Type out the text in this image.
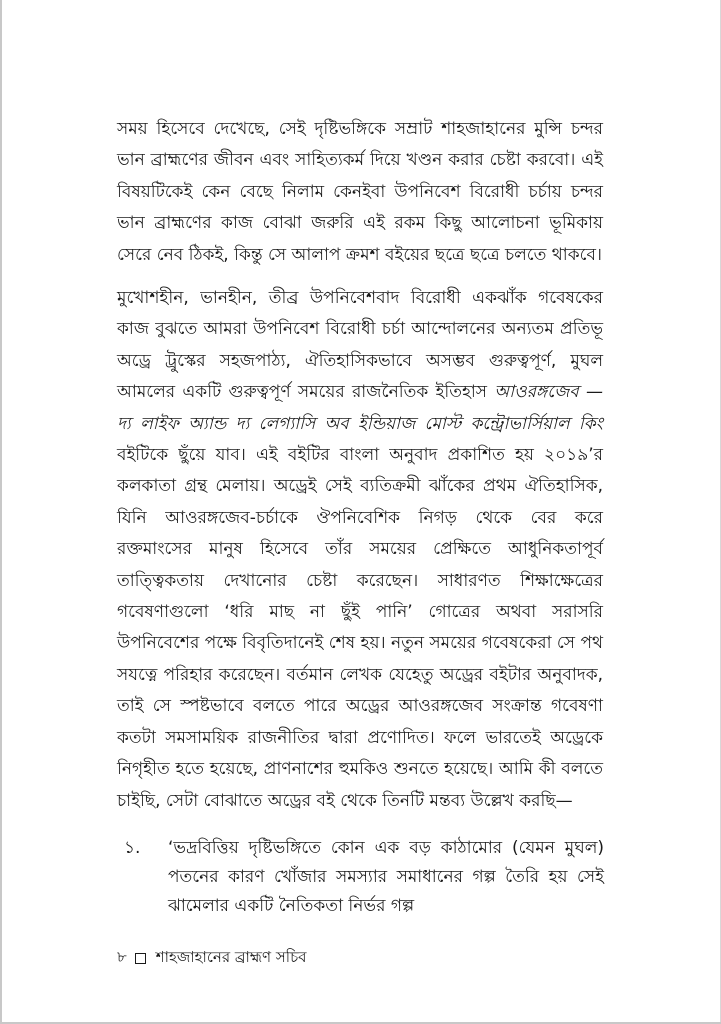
সময় হিসেবে দেখেছে, সেই দৃষ্টিভঙ্গিকে সম্রাট শাহজাহানের মুন্সি চন্দর ভান ব্রাহ্মণের জীবন এবং সাহিত্যকর্ম দিয়ে খণ্ডন করার চেষ্টা করবো। এই বিষয়টিকেই কেন বেছে নিলাম কেনইবা উপনিবেশ বিরোধী চর্চায় চন্দর ভান ব্রাহ্মণের কাজ বোঝা জরুরি এই রকম কিছু আলোচনা ভূমিকায় সেরে নেব ঠিকই, কিন্তু সে আলাপ ক্রমশ বইয়ের ছত্রে ছত্রে চলতে থাকবে।

মুখোশহীন, ভানহীন, তীব্র উপনিবেশবাদ বিরোধী একঝাঁক গবেষকের কাজ বুঝতে আমরা উপনিবেশ বিরোধী চর্চা আন্দোলনের অন্যতম প্রতিভূ অড্রে ট্রুস্কের সহজপাঠ্য, ঐতিহাসিকভাবে অসম্ভব গুরুত্বপূর্ণ, মুঘল আমলের একটি গুরুত্বপূর্ণ সময়ের রাজনৈতিক ইতিহাস আওরঙ্গজেব —দ্য লাইফ অ্যান্ড দ্য লেগ্যাসি অব ইন্ডিয়াজ মোস্ট কন্ট্রোভার্সিয়াল কিং বইটিকে ছুঁয়ে যাব। এই বইটির বাংলা অনুবাদ প্রকাশিত হয় ২০১৯’র কলকাতা গ্রন্থ মেলায়। অড্রেই সেই ব্যতিক্রমী ঝাঁকের প্রথম ঐতিহাসিক, যিনি আওরঙ্গজেব-চর্চাকে ঔপনিবেশিক নিগড় থেকে বের করে রক্তমাংসের মানুষ হিসেবে তাঁর সময়ের প্রেক্ষিতে আধুনিকতাপূর্ব তাত্ত্বিকতায় দেখানোর চেষ্টা করেছেন। সাধারণত শিক্ষাক্ষেত্রের গবেষণাগুলো ‘ধরি মাছ না ছুঁই পানি’ গোত্রের অথবা সরাসরি উপনিবেশের পক্ষে বিবৃতিদানেই শেষ হয়। নতুন সময়ের গবেষকেরা সে পথ সযত্নে পরিহার করেছেন। বর্তমান লেখক যেহেতু অড্রের বইটার অনুবাদক, তাই সে স্পষ্টভাবে বলতে পারে অড্রের আওরঙ্গজেব সংক্রান্ত গবেষণা কতটা সমসাময়িক রাজনীতির দ্বারা প্রণোদিত। ফলে ভারতেই অড্রেকে নিগৃহীত হতে হয়েছে, প্রাণনাশের হুমকিও শুনতে হয়েছে। আমি কী বলতে চাইছি, সেটা বোঝাতে অড্রের বই থেকে তিনটি মন্তব্য উল্লেখ করছি—

১.	‘ভদ্রবিত্তিয় দৃষ্টিভঙ্গিতে কোন এক বড় কাঠামোর (যেমন মুঘল) পতনের কারণ খোঁজার সমস্যার সমাধানের গল্প তৈরি হয় সেই ঝামেলার একটি নৈতিকতা নির্ভর গল্প
৮ শাহজাহানের ব্রাহ্মণ সচিব
